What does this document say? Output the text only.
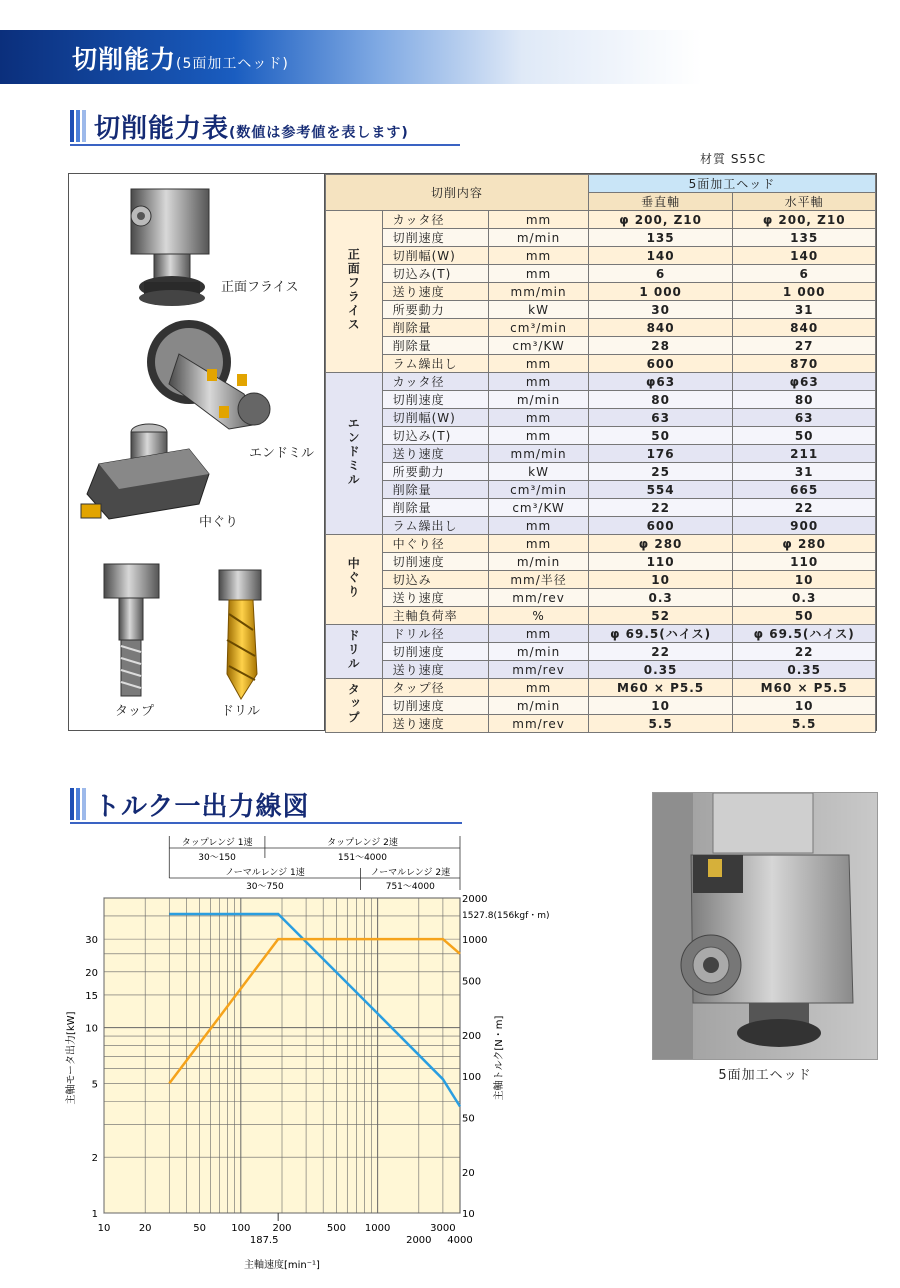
切削能力(5面加工ヘッド)
切削能力表(数値は参考値を表します)
材質 S55C
正面フライス
エンドミル
中ぐり
タップ	ドリル
切削内容			5面加工ヘッド	
			垂直軸	水平軸
正面フライス	カッタ径	mm	φ 200, Z10	φ 200, Z10
	切削速度	m/min	135	135
	切削幅(W)	mm	140	140
	切込み(T)	mm	6	6
	送り速度	mm/min	1 000	1 000
	所要動力	kW	30	31
	削除量	cm³/min	840	840
	削除量	cm³/KW	28	27
	ラム繰出し	mm	600	870
エンドミル	カッタ径	mm	φ63	φ63
	切削速度	m/min	80	80
	切削幅(W)	mm	63	63
	切込み(T)	mm	50	50
	送り速度	mm/min	176	211
	所要動力	kW	25	31
	削除量	cm³/min	554	665
	削除量	cm³/KW	22	22
	ラム繰出し	mm	600	900
中ぐり	中ぐり径	mm	φ 280	φ 280
	切削速度	m/min	110	110
	切込み	mm/半径	10	10
	送り速度	mm/rev	0.3	0.3
	主軸負荷率	%	52	50
ドリル	ドリル径	mm	φ 69.5(ハイス)	φ 69.5(ハイス)
	切削速度	m/min	22	22
	送り速度	mm/rev	0.35	0.35
タップ	タップ径	mm	M60 × P5.5	M60 × P5.5
	切削速度	m/min	10	10
	送り速度	mm/rev	5.5	5.5
トルク一出力線図
10	20	50	100 200	500 1000
2000
3000
4000
187.5
1
2
5
10
15
20
30
10
20
50
100
200
500
1000
2000
1527.8(156kgf・m)
主軸速度[min⁻¹]
主軸モータ出力[kW]	主軸トルク[N・m]
タップレンジ 1速
30〜150
タップレンジ 2速
151〜4000
ノーマルレンジ 1速
30〜750
ノーマルレンジ 2速
751〜4000
5面加工ヘッド
